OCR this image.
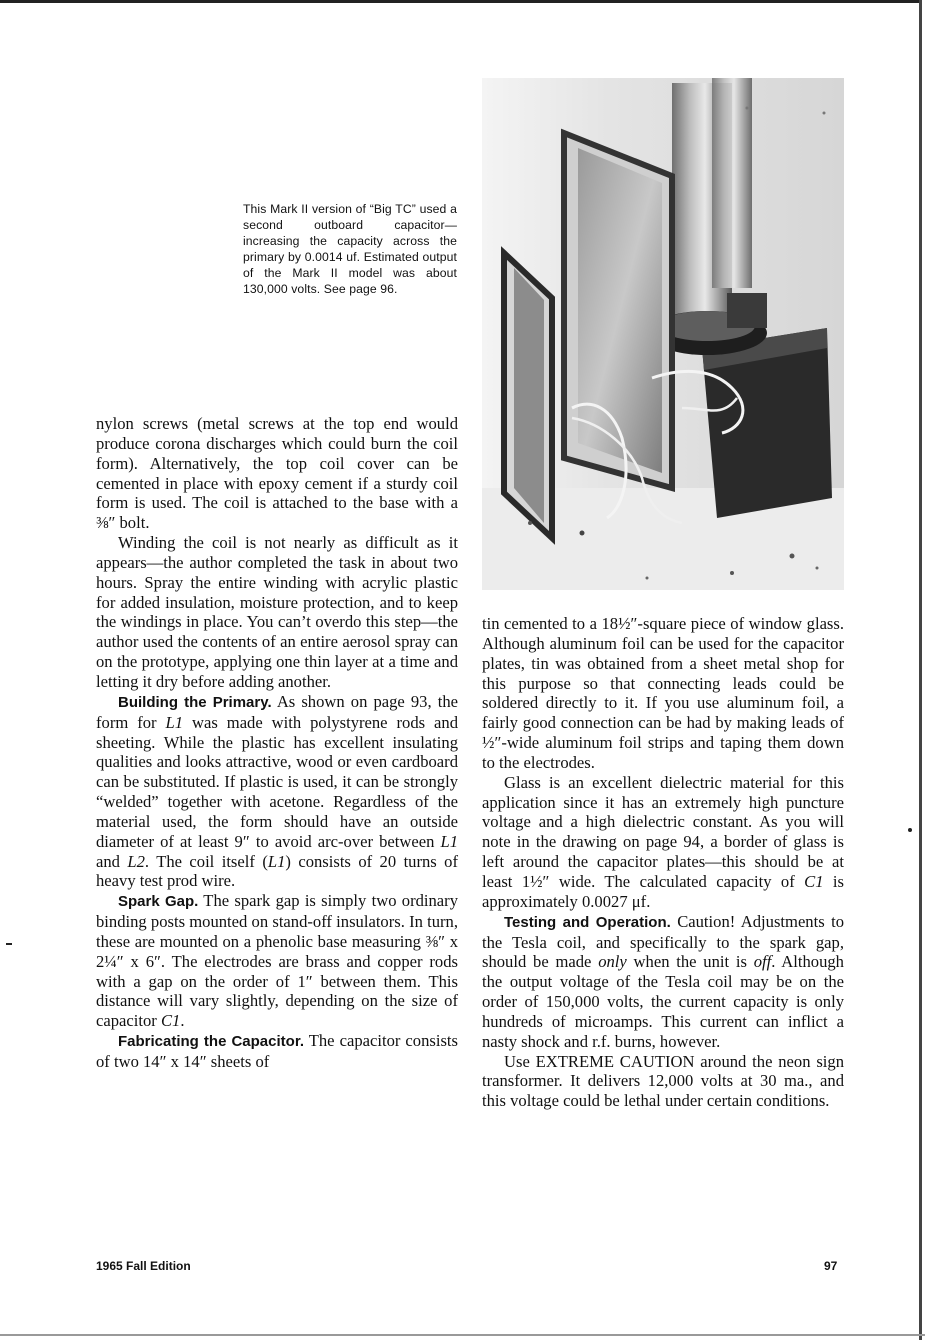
This Mark II version of “Big TC” used a second outboard capacitor—increasing the capacity across the primary by 0.0014 uf. Estimated output of the Mark II model was about 130,000 volts. See page 96.

nylon screws (metal screws at the top end would produce corona discharges which could burn the coil form). Alternatively, the top coil cover can be cemented in place with epoxy cement if a sturdy coil form is used. The coil is attached to the base with a ⅜″ bolt.

Winding the coil is not nearly as difficult as it appears—the author completed the task in about two hours. Spray the entire winding with acrylic plastic for added insulation, moisture protection, and to keep the windings in place. You can’t overdo this step—the author used the contents of an entire aerosol spray can on the prototype, applying one thin layer at a time and letting it dry before adding another.

Building the Primary. As shown on page 93, the form for L1 was made with polystyrene rods and sheeting. While the plastic has excellent insulating qualities and looks attractive, wood or even cardboard can be substituted. If plastic is used, it can be strongly “welded” together with acetone. Regardless of the material used, the form should have an outside diameter of at least 9″ to avoid arc-over between L1 and L2. The coil itself (L1) consists of 20 turns of heavy test prod wire.

Spark Gap. The spark gap is simply two ordinary binding posts mounted on stand-off insulators. In turn, these are mounted on a phenolic base measuring ⅜″ x 2¼″ x 6″. The electrodes are brass and copper rods with a gap on the order of 1″ between them. This distance will vary slightly, depending on the size of capacitor C1.

Fabricating the Capacitor. The capacitor consists of two 14″ x 14″ sheets of

tin cemented to a 18½″-square piece of window glass. Although aluminum foil can be used for the capacitor plates, tin was obtained from a sheet metal shop for this purpose so that connecting leads could be soldered directly to it. If you use aluminum foil, a fairly good connection can be had by making leads of ½″-wide aluminum foil strips and taping them down to the electrodes.

Glass is an excellent dielectric material for this application since it has an extremely high puncture voltage and a high dielectric constant. As you will note in the drawing on page 94, a border of glass is left around the capacitor plates—this should be at least 1½″ wide. The calculated capacity of C1 is approximately 0.0027 μf.

Testing and Operation. Caution! Adjustments to the Tesla coil, and specifically to the spark gap, should be made only when the unit is off. Although the output voltage of the Tesla coil may be on the order of 150,000 volts, the current capacity is only hundreds of microamps. This current can inflict a nasty shock and r.f. burns, however.

Use EXTREME CAUTION around the neon sign transformer. It delivers 12,000 volts at 30 ma., and this voltage could be lethal under certain conditions.

1965 Fall Edition	97
